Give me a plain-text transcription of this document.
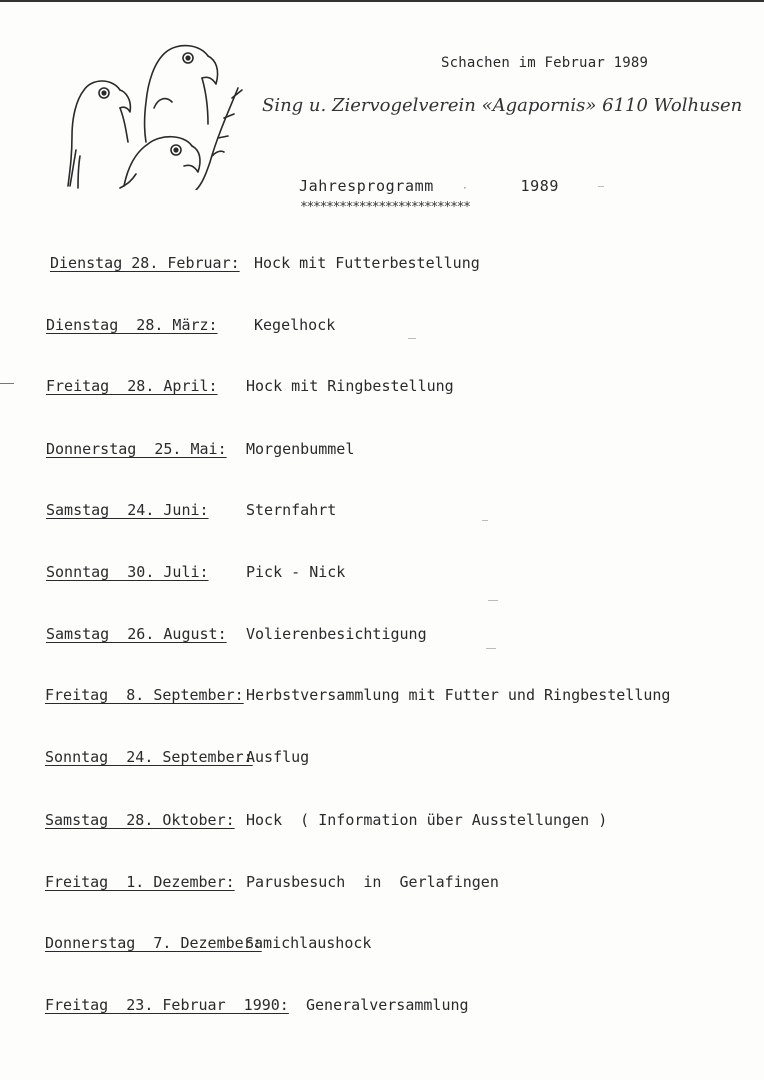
Schachen im Februar 1989
Sing u. Ziervogelverein «Agapornis» 6110 Wolhusen
Jahresprogramm	·	1989
**************************
Dienstag 28. Februar: Hock mit Futterbestellung
Dienstag  28. März: Kegelhock
Freitag  28. April: Hock mit Ringbestellung
Donnerstag  25. Mai: Morgenbummel
Samstag  24. Juni: Sternfahrt
Sonntag  30. Juli: Pick - Nick
Samstag  26. August: Volierenbesichtigung
Freitag  8. September: Herbstversammlung mit Futter und Ringbestellung
Sonntag  24. September:
Ausflug
Samstag  28. Oktober: Hock  ( Information über Ausstellungen )
Freitag  1. Dezember: Parusbesuch  in  Gerlafingen
Donnerstag  7. Dezember:
Samichlaushock
Freitag  23. Februar  1990: Generalversammlung
